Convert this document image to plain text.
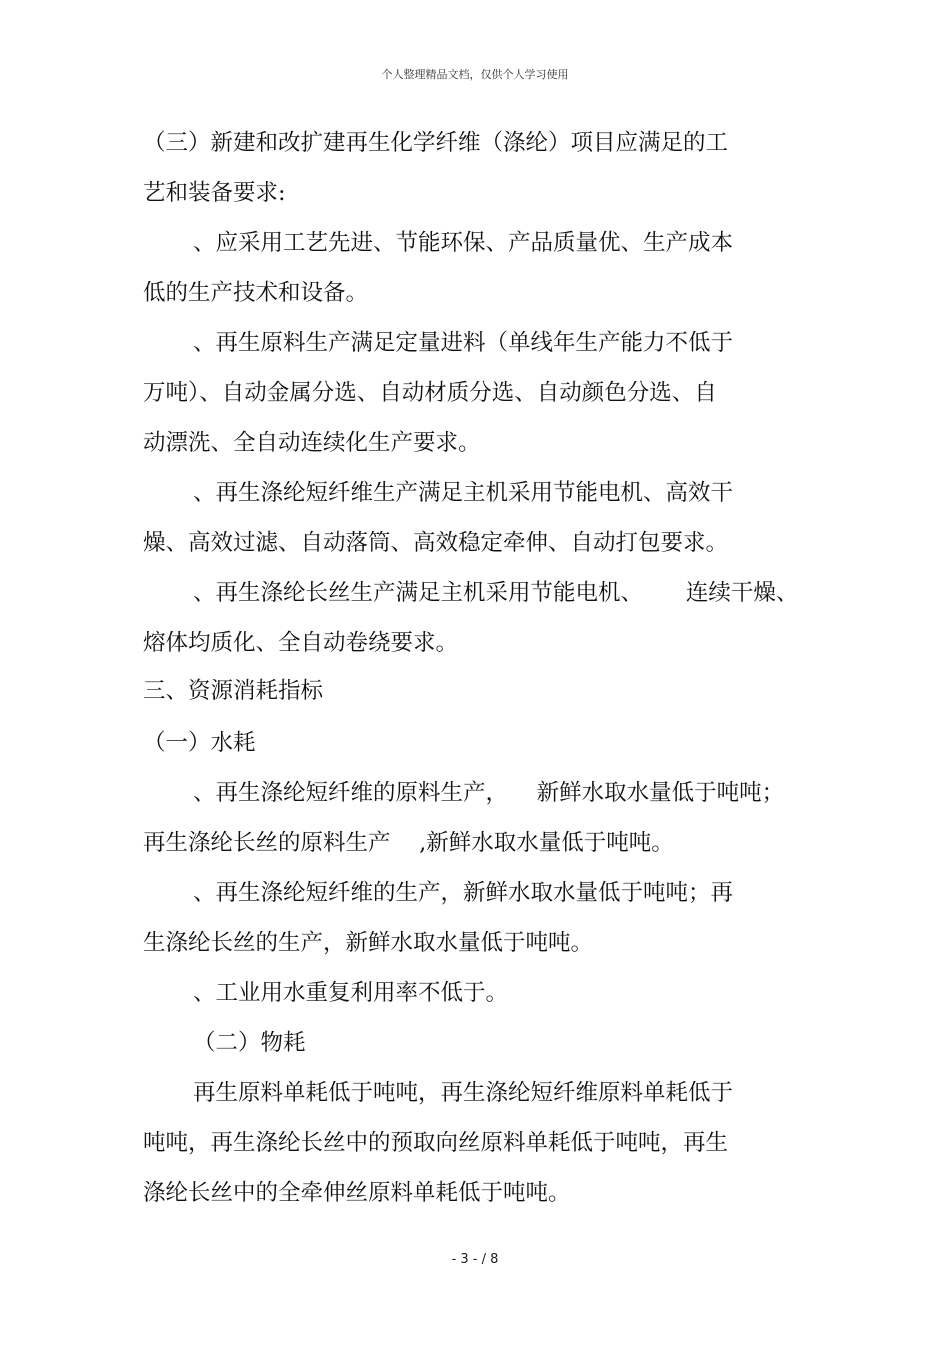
个人整理精品文档，仅供个人学习使用
（三）新建和改扩建再生化学纤维（涤纶）项目应满足的工
艺和装备要求:
、应采用工艺先进、节能环保、产品质量优、生产成本
低的生产技术和设备。
、再生原料生产满足定量进料（单线年生产能力不低于
万吨）、自动金属分选、自动材质分选、自动颜色分选、自
动漂洗、全自动连续化生产要求。
、再生涤纶短纤维生产满足主机采用节能电机、高效干
燥、高效过滤、自动落筒、高效稳定牵伸、自动打包要求。
、再生涤纶长丝生产满足主机采用节能电机、      连续干燥、
熔体均质化、全自动卷绕要求。
三、资源消耗指标
（一）水耗
、再生涤纶短纤维的原料生产，    新鲜水取水量低于吨吨；
再生涤纶长丝的原料生产    ,新鲜水取水量低于吨吨。
、再生涤纶短纤维的生产，新鲜水取水量低于吨吨；再
生涤纶长丝的生产，新鲜水取水量低于吨吨。
、工业用水重复利用率不低于。
（二）物耗
再生原料单耗低于吨吨，再生涤纶短纤维原料单耗低于
吨吨，再生涤纶长丝中的预取向丝原料单耗低于吨吨，再生
涤纶长丝中的全牵伸丝原料单耗低于吨吨。
- 3 - / 8
